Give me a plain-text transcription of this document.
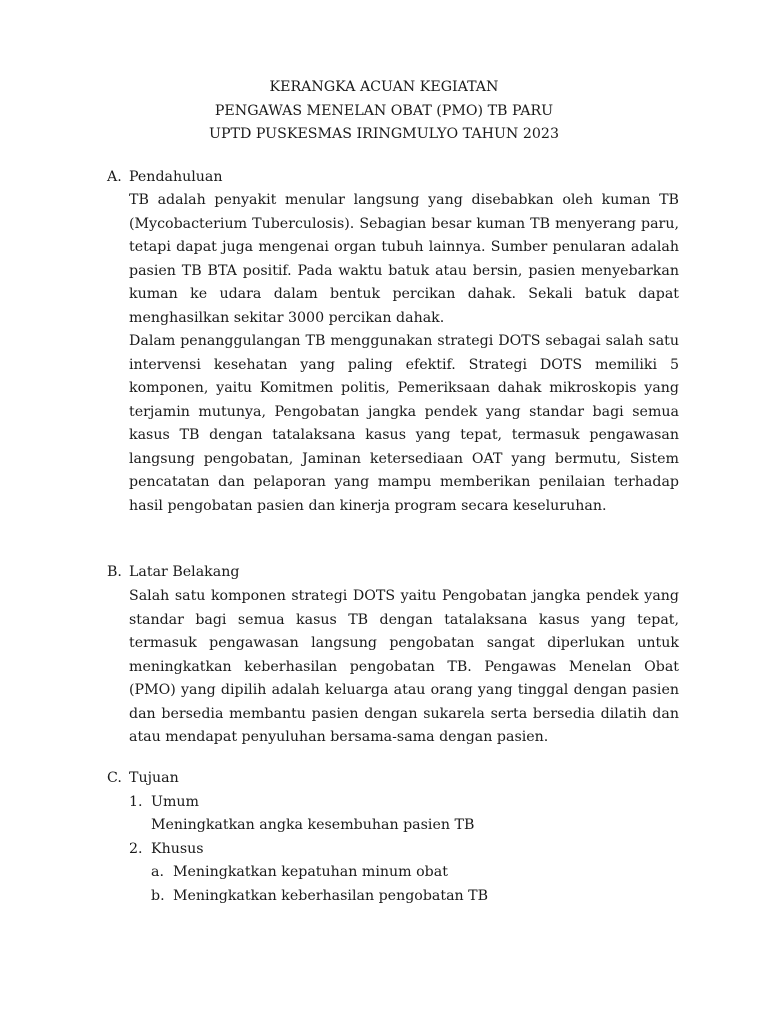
KERANGKA ACUAN KEGIATAN
PENGAWAS MENELAN OBAT (PMO) TB PARU
UPTD PUSKESMAS IRINGMULYO TAHUN 2023
A. Pendahuluan

TB adalah penyakit menular langsung yang disebabkan oleh kuman TB (Mycobacterium Tuberculosis). Sebagian besar kuman TB menyerang paru, tetapi dapat juga mengenai organ tubuh lainnya. Sumber penularan adalah pasien TB BTA positif. Pada waktu batuk atau bersin, pasien menyebarkan kuman ke udara dalam bentuk percikan dahak. Sekali batuk dapat menghasilkan sekitar 3000 percikan dahak.

Dalam penanggulangan TB menggunakan strategi DOTS sebagai salah satu intervensi kesehatan yang paling efektif. Strategi DOTS memiliki 5 komponen, yaitu Komitmen politis, Pemeriksaan dahak mikroskopis yang terjamin mutunya, Pengobatan jangka pendek yang standar bagi semua kasus TB dengan tatalaksana kasus yang tepat, termasuk pengawasan langsung pengobatan, Jaminan ketersediaan OAT yang bermutu, Sistem pencatatan dan pelaporan yang mampu memberikan penilaian terhadap hasil pengobatan pasien dan kinerja program secara keseluruhan.

B. Latar Belakang

Salah satu komponen strategi DOTS yaitu Pengobatan jangka pendek yang standar bagi semua kasus TB dengan tatalaksana kasus yang tepat, termasuk pengawasan langsung pengobatan sangat diperlukan untuk meningkatkan keberhasilan pengobatan TB. Pengawas Menelan Obat (PMO) yang dipilih adalah keluarga atau orang yang tinggal dengan pasien dan bersedia membantu pasien dengan sukarela serta bersedia dilatih dan atau mendapat penyuluhan bersama-sama dengan pasien.

C. Tujuan
1. Umum
Meningkatkan angka kesembuhan pasien TB
2. Khusus
a. Meningkatkan kepatuhan minum obat
b. Meningkatkan keberhasilan pengobatan TB
